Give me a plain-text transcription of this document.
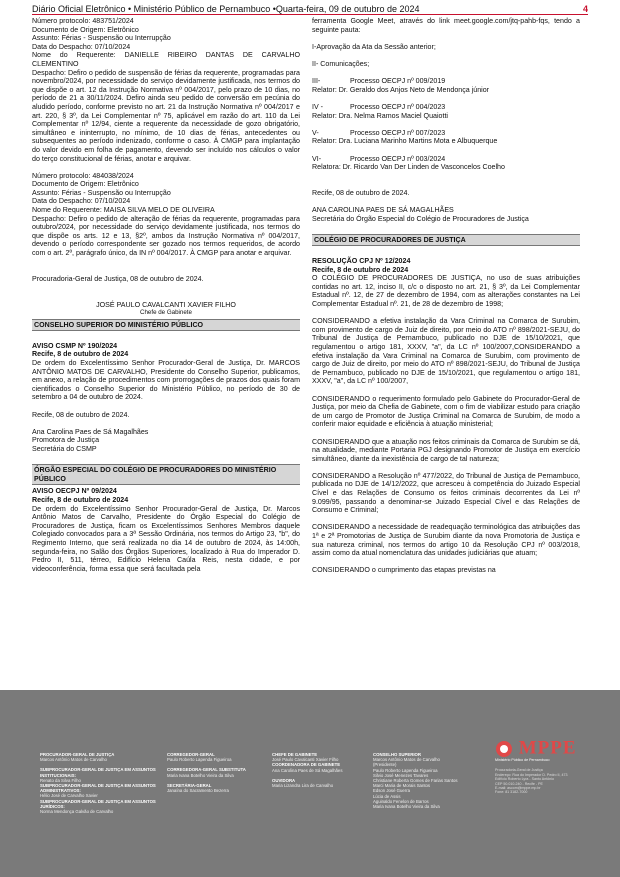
Diário Oficial Eletrônico • Ministério Público de Pernambuco •Quarta-feira, 09 de outubro de 2024	4
Número protocolo: 483751/2024
Documento de Origem: Eletrônico
Assunto: Férias - Suspensão ou Interrupção
Data do Despacho: 07/10/2024
Nome do Requerente: DANIELLE RIBEIRO DANTAS DE CARVALHO CLEMENTINO
Despacho: Defiro o pedido de suspensão de férias da requerente, programadas para novembro/2024, por necessidade do serviço devidamente justificada, nos termos do que dispõe o art. 12 da Instrução Normativa nº 004/2017, pelo prazo de 10 dias, no período de 21 a 30/11/2024. Defiro ainda seu pedido de conversão em pecúnia do aludido período, conforme previsto no art. 21 da Instrução Normativa nº 004/2017 e art. 220, § 3º, da Lei Complementar nº 75, aplicável em razão do art. 110 da Lei Complementar nº 12/94, ciente a requerente da necessidade de gozo obrigatório, simultâneo e ininterrupto, no mínimo, de 10 dias de férias, antecedentes ou subsequentes ao período indenizado, conforme o caso. À CMGP para implantação do valor devido em folha de pagamento, devendo ser incluído nos cálculos o valor do terço constitucional de férias, anotar e arquivar.
Número protocolo: 484038/2024
Documento de Origem: Eletrônico
Assunto: Férias - Suspensão ou Interrupção
Data do Despacho: 07/10/2024
Nome do Requerente: MAISA SILVA MELO DE OLIVEIRA
Despacho: Defiro o pedido de alteração de férias da requerente, programadas para outubro/2024, por necessidade do serviço devidamente justificada, nos termos do que dispõe os arts. 12 e 13, §2º, ambos da Instrução Normativa nº 004/2017, devendo o período correspondente ser gozado nos termos requeridos, de acordo com o art. 2º, parágrafo único, da IN nº 004/2017. À CMGP para anotar e arquivar.
Procuradoria-Geral de Justiça, 08 de outubro de 2024.
JOSÉ PAULO CAVALCANTI XAVIER FILHO
Chefe de Gabinete
CONSELHO SUPERIOR DO MINISTÉRIO PÚBLICO
AVISO CSMP Nº 190/2024
Recife, 8 de outubro de 2024
De ordem do Excelentíssimo Senhor Procurador-Geral de Justiça, Dr. MARCOS ANTÔNIO MATOS DE CARVALHO, Presidente do Conselho Superior, publicamos, em anexo, a relação de procedimentos com prorrogações de prazos dos quais foram cientificados o Conselho Superior do Ministério Público, no período de 30 de setembro a 04 de outubro de 2024.
Recife, 08 de outubro de 2024.
Ana Carolina Paes de Sá Magalhães
Promotora de Justiça
Secretária do CSMP
ÓRGÃO ESPECIAL DO COLÉGIO DE PROCURADORES DO MINISTÉRIO PÚBLICO
AVISO OECPJ Nº 09/2024
Recife, 8 de outubro de 2024
De ordem do Excelentíssimo Senhor Procurador-Geral de Justiça, Dr. Marcos Antônio Matos de Carvalho, Presidente do Órgão Especial do Colégio de Procuradores de Justiça, ficam os Excelentíssimos Senhores Membros daquele Colegiado convocados para a 3ª Sessão Ordinária, nos termos do Artigo 23, "b", do Regimento Interno, que será realizada no dia 14 de outubro de 2024, às 14:00h, segunda-feira, no Salão dos Órgãos Superiores, localizado à Rua do Imperador D. Pedro II, 511, térreo, Edifício Helena Caúla Reis, nesta cidade, e por videoconferência, forma essa que será facultada pela
ferramenta Google Meet, através do link meet.google.com/jtq-pahb-fqs, tendo a seguinte pauta:
I-Aprovação da Ata da Sessão anterior;
II- Comunicações;
III-	Processo OECPJ nº 009/2019
Relator: Dr. Geraldo dos Anjos Neto de Mendonça júnior
IV -	Processo OECPJ nº 004/2023
Relator: Dra. Nelma Ramos Maciel Quaiotti
V-	Processo OECPJ nº 007/2023
Relator: Dra. Luciana Marinho Martins Mota e Albuquerque
VI-	Processo OECPJ nº 003/2024
Relatora: Dr. Ricardo Van Der Linden de Vasconcelos Coelho
Recife, 08 de outubro de 2024.
ANA CAROLINA PAES DE SÁ MAGALHÃES
Secretária do Órgão Especial do Colégio de Procuradores de Justiça
COLÉGIO DE PROCURADORES DE JUSTIÇA
RESOLUÇÃO CPJ Nº 12/2024
Recife, 8 de outubro de 2024
O COLÉGIO DE PROCURADORES DE JUSTIÇA, no uso de suas atribuições contidas no art. 12, inciso II, c/c o disposto no art. 21, § 3º, da Lei Complementar Estadual nº. 12, de 27 de dezembro de 1994, com as alterações constantes na Lei Complementar Estadual nº. 21, de 28 de dezembro de 1998;
CONSIDERANDO a efetiva instalação da Vara Criminal na Comarca de Surubim, com provimento de cargo de Juiz de direito, por meio do ATO nº 898/2021-SEJU, do Tribunal de Justiça de Pernambuco, publicado no DJE de 15/10/2021, que regulamentou o artigo 181, XXXV, "a", da LC nº 100/2007,CONSIDERANDO a efetiva instalação da Vara Criminal na Comarca de Surubim, com provimento de cargo de Juiz de direito, por meio do ATO nº 898/2021-SEJU, do Tribunal de Justiça de Pernambuco, publicado no DJE de 15/10/2021, que regulamentou o artigo 181, XXXV, "a", da LC nº 100/2007,
CONSIDERANDO o requerimento formulado pelo Gabinete do Procurador-Geral de Justiça, por meio da Chefia de Gabinete, com o fim de viabilizar estudo para criação de um cargo de Promotor de Justiça Criminal na Comarca de Surubim, de modo a conferir maior equidade e eficiência à atuação ministerial;
CONSIDERANDO que a atuação nos feitos criminais da Comarca de Surubim se dá, na atualidade, mediante Portaria PGJ designando Promotor de Justiça em exercício simultâneo, diante da inexistência de cargo de tal natureza;
CONSIDERANDO a Resolução nº 477/2022, do Tribunal de Justiça de Pernambuco, publicada no DJE de 14/12/2022, que acresceu à competência do Juizado Especial Cível e das Relações de Consumo os feitos criminais decorrentes da Lei nº 9.099/95, passando a denominar-se Juizado Especial Cível e das Relações de Consumo e Criminal;
CONSIDERANDO a necessidade de readequação terminológica das atribuições das 1ª e 2ª Promotorias de Justiça de Surubim diante da nova Promotoria de Justiça e sua natureza criminal, nos termos do artigo 10 da Resolução CPJ nº 003/2018, assim como da atual nomenclatura das unidades judiciárias que atuam;
CONSIDERANDO o cumprimento das etapas previstas na
PROCURADOR-GERAL DE JUSTIÇA
Marcos Antônio Matos de Carvalho
SUBPROCURADOR-GERAL DE JUSTIÇA EM ASSUNTOS INSTITUCIONAIS:
Renato da Silva Filho
SUBPROCURADOR-GERAL DE JUSTIÇA EM ASSUNTOS ADMINISTRATIVOS:
Hélio José de Carvalho Xavier
SUBPROCURADOR-GERAL DE JUSTIÇA EM ASSUNTOS JURÍDICOS:
Norma Mendonça Galvão de Carvalho
CORREGEDOR-GERAL
Paulo Roberto Lapenda Figueiroa
CORREGEDORA-GERAL SUBSTITUTA
Maria Ivana Botelho Vieira da Silva
SECRETÁRIA-GERAL
Janaína do Sacramento Bezerra
CHEFE DE GABINETE
José Paulo Cavalcanti Xavier Filho
COORDENADORA DE GABINETE
Ana Carolina Paes de Sá Magalhães
OUVIDORA
Maria Lizandra Lira de Carvalho
CONSELHO SUPERIOR
Marcos Antônio Matos de Carvalho
(Presidente)
Paulo Roberto Lapenda Figueiroa
Silvio José Menezes Tavares
Christiane Roberta Gomes de Farias Santos
Marci Maria de Morais Santos
Edson José Guerra
Lúcia de Assis
Aguinaldo Fenelon de Barros
Maria Ivana Botelho Vieira da Silva
MPPE
Ministério Público de Pernambuco
Procuradoria-Geral de Justiça
Endereço: Rua do Imperador D. Pedro II, 473
Edifício Roberto Lyra - Santo Antônio
CEP 50.010-240 - Recife - PE
E-mail: ascom@mppe.mp.br
Fone: 81 3182-7000
